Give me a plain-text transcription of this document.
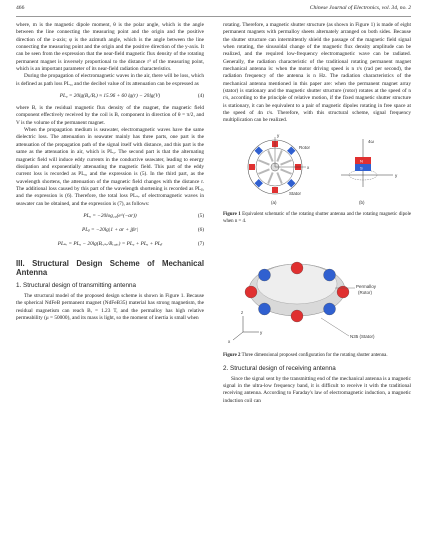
466	Chinese Journal of Electronics, vol. 34, no. 2

where, m is the magnetic dipole moment, θ is the polar angle, which is the angle between the line connecting the measuring point and the origin and the positive direction of the z-axis; φ is the azimuth angle, which is the angle between the line connecting the measuring point and the origin and the positive direction of the y-axis. It can be seen from the expression that the near-field magnetic flux density of the rotating permanent magnet is inversely proportional to the distance r³ of the measuring point, which is an important parameter of its near-field radiation characteristics.

During the propagation of electromagnetic waves in the air, there will be loss, which is defined as path loss PLₐ, and the decibel value of its attenuation can be expressed as

PLₐ = 20lg(B₀/Bᵣ) ≈ 15.96 + 60 lg(r) − 20lg(V)	(4)

where Bᵣ is the residual magnetic flux density of the magnet, the magnetic field component effectively received by the coil is Bᵣ component in direction of θ = π/2, and V is the volume of the permanent magnet.

When the propagation medium is seawater, electromagnetic waves have the same dielectric loss. The attenuation in seawater mainly has three parts, one part is the attenuation of the propagation path of the signal itself with distance, and this part is the same as the attenuation in air, which is PLₐ. The second part is that the alternating magnetic field will induce eddy currents in the conductive seawater, leading to energy dissipation and exponentially attenuating the magnetic field. This part of the eddy current loss is recorded as PLₐ, and the expression is (5). In the third part, as the wavelength shortens, the attenuation of the magnetic field changes with the distance r. The additional loss caused by this part of the wavelength shortening is recorded as PLᵦ, and the expression is (6). Therefore, the total loss PLₛᵥ of electromagnetic waves in seawater can be obtained, and the expression is (7), as follows:

PLₐ = −20log₁₀(e^(−αr))	(5)
PLᵦ = −20lg|1 + αr + jβr|	(6)
PLₛᵥ = PLₐ − 20lg(Bᵣ,ₛᵥ/Bᵣ,ₐᵢᵣ) = PLₐ + PLₐ + PLᵦ	(7)
III. Structural Design Scheme of Mechanical Antenna
1. Structural design of transmitting antenna

The structural model of the proposed design scheme is shown in Figure 1. Because the spherical NdFeB permanent magnet (NdFeB35) material has strong magnetism, the residual magnetism can reach Bᵣ = 1.23 T, and the permalloy has high relative permeability (μ = 50000), and its mass is light, so the moment of inertia is small when

rotating. Therefore, a magnetic shutter structure (as shown in Figure 1) is made of eight permanent magnets with permalloy sheets alternately arranged on both sides. Because the shutter structure can intermittently shield the passage of the magnetic field signal when rotating, the sinusoidal change of the magnetic flux density amplitude can be realized, and the required low-frequency electromagnetic wave can be radiated. Generally, the radiation characteristic of the traditional rotating permanent magnet mechanical antenna is: when the motor driving speed is n r/s (rad per second), the radiation frequency of the antenna is n Hz. The radiation characteristics of the mechanical antenna mentioned in this paper are: when the permanent magnet array (stator) is stationary and the magnetic shutter structure (rotor) rotates at the speed of n r/s, according to the principle of relative motion, if the fixed magnetic shutter structure is stationary, it can be equivalent to a pair of magnetic dipoles rotating in free space at the speed of 4n r/s. Therefore, with this structural scheme, signal frequency multiplication can be realized.

Rotor
Stator
y
x
(a)
N
S
4ω
y
(b)

Figure 1 Equivalent schematic of the rotating shutter antenna and the rotating magnetic dipole when n = 4.

z
y
x
Permalloy
(Rotor)
N35 (Stator)

Figure 2 Three dimensional proposed configuration for the rotating shutter antenna.

2. Structural design of receiving antenna

Since the signal sent by the transmitting end of the mechanical antenna is a magnetic signal in the ultra-low frequency band, it is difficult to receive it with the traditional receiving antenna. According to Faraday's law of electromagnetic induction, a magnetic induction coil can
